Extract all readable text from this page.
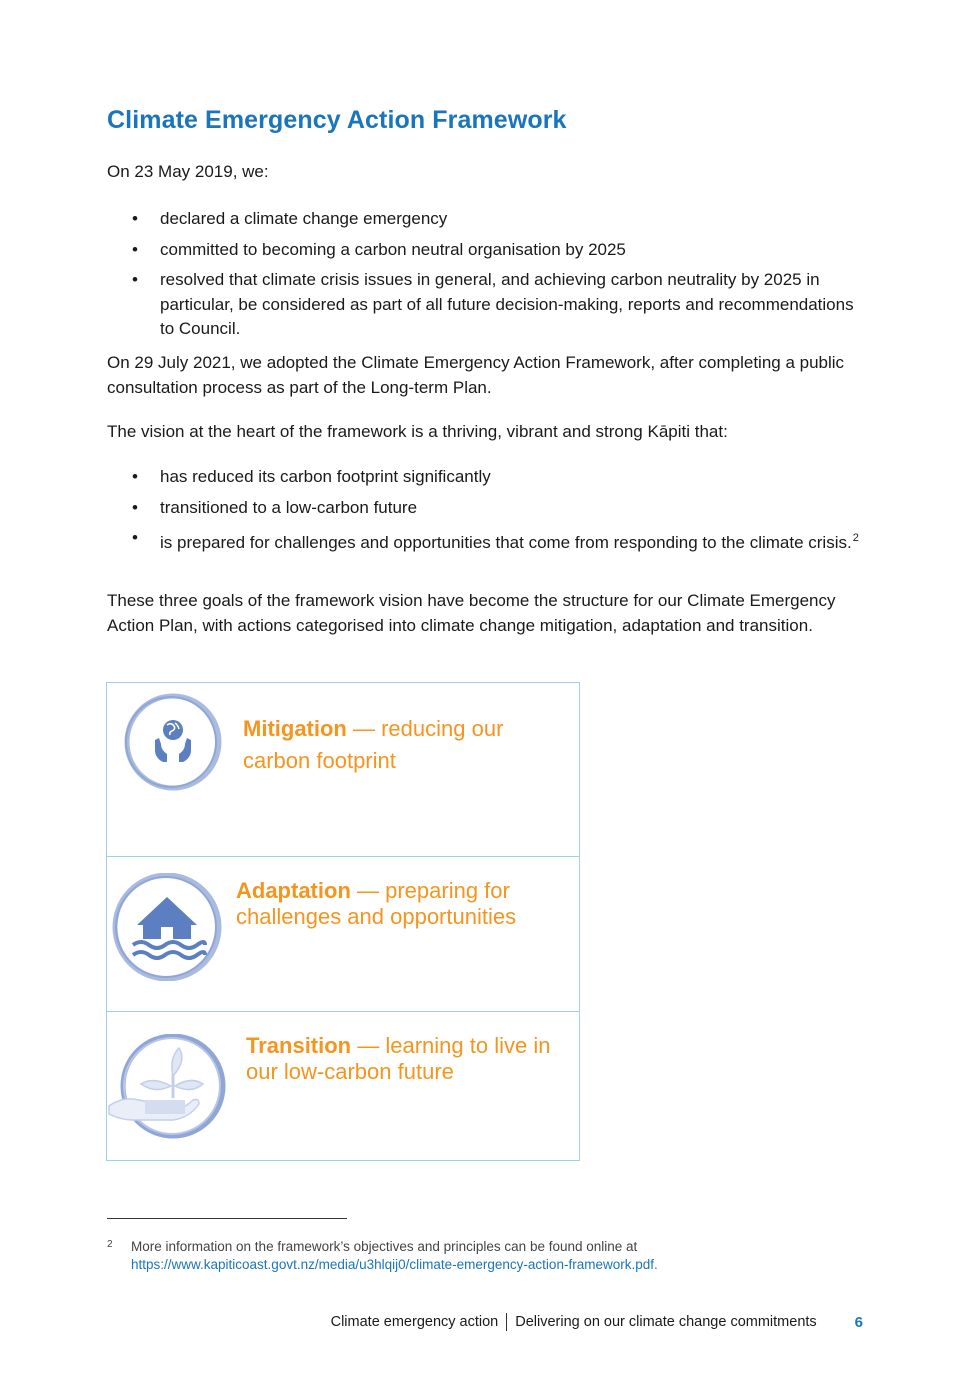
Climate Emergency Action Framework

On 23 May 2019, we:

• declared a climate change emergency
• committed to becoming a carbon neutral organisation by 2025
• resolved that climate crisis issues in general, and achieving carbon neutrality by 2025 in particular, be considered as part of all future decision-making, reports and recommendations to Council.

On 29 July 2021, we adopted the Climate Emergency Action Framework, after completing a public consultation process as part of the Long-term Plan.

The vision at the heart of the framework is a thriving, vibrant and strong Kāpiti that:

• has reduced its carbon footprint significantly
• transitioned to a low-carbon future
• is prepared for challenges and opportunities that come from responding to the climate crisis.$^2$

These three goals of the framework vision have become the structure for our Climate Emergency Action Plan, with actions categorised into climate change mitigation, adaptation and transition.

Mitigation — reducing our carbon footprint
Adaptation — preparing for challenges and opportunities
Transition — learning to live in our low-carbon future
2 More information on the framework’s objectives and principles can be found online at
https://www.kapiticoast.govt.nz/media/u3hlqij0/climate-emergency-action-framework.pdf.
Climate emergency action Delivering on our climate change commitments	6
